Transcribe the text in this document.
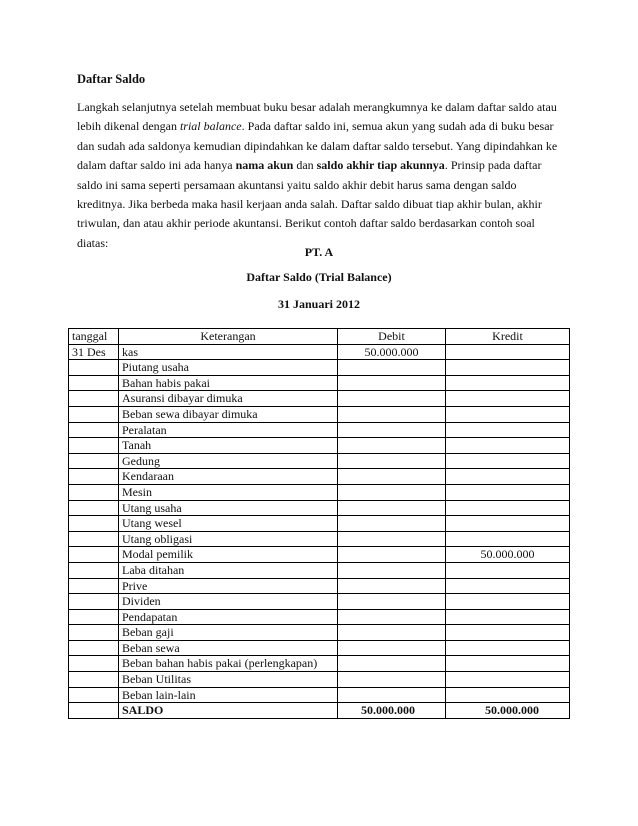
Daftar Saldo
Langkah selanjutnya setelah membuat buku besar adalah merangkumnya ke dalam daftar saldo atau lebih dikenal dengan trial balance. Pada daftar saldo ini, semua akun yang sudah ada di buku besar dan sudah ada saldonya kemudian dipindahkan ke dalam daftar saldo tersebut. Yang dipindahkan ke dalam daftar saldo ini ada hanya nama akun dan saldo akhir tiap akunnya. Prinsip pada daftar saldo ini sama seperti persamaan akuntansi yaitu saldo akhir debit harus sama dengan saldo kreditnya. Jika berbeda maka hasil kerjaan anda salah. Daftar saldo dibuat tiap akhir bulan, akhir triwulan, dan atau akhir periode akuntansi. Berikut contoh daftar saldo berdasarkan contoh soal diatas:
PT. A
Daftar Saldo (Trial Balance)
31 Januari 2012
tanggal	Keterangan	Debit	Kredit
31 Des	kas	50.000.000	
	Piutang usaha		
	Bahan habis pakai		
	Asuransi dibayar dimuka		
	Beban sewa dibayar dimuka		
	Peralatan		
	Tanah		
	Gedung		
	Kendaraan		
	Mesin		
	Utang usaha		
	Utang wesel		
	Utang obligasi		
	Modal pemilik		50.000.000
	Laba ditahan		
	Prive		
	Dividen		
	Pendapatan		
	Beban gaji		
	Beban sewa		
	Beban bahan habis pakai (perlengkapan)		
	Beban Utilitas		
	Beban lain-lain		
	SALDO	50.000.000	50.000.000
